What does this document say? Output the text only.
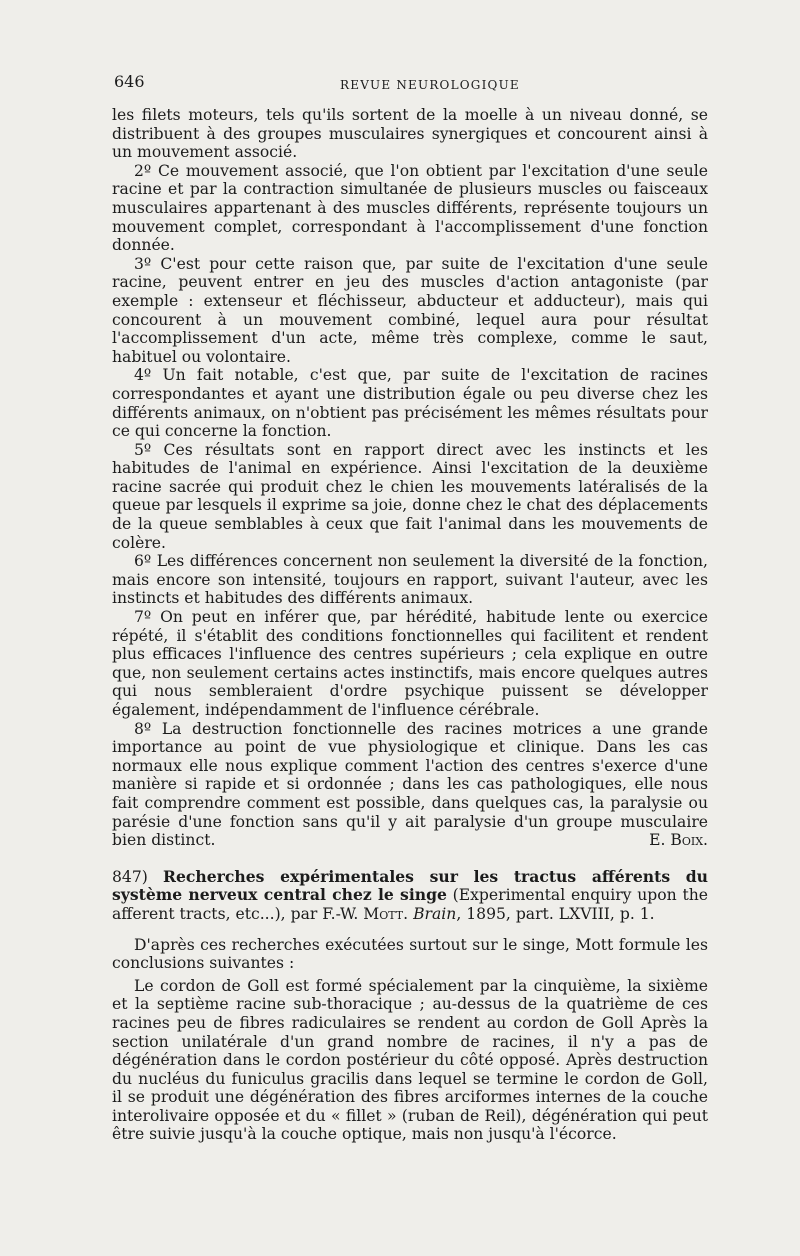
646	REVUE NEUROLOGIQUE

les filets moteurs, tels qu'ils sortent de la moelle à un niveau donné, se distribuent à des groupes musculaires synergiques et concourent ainsi à un mouvement associé.

2º Ce mouvement associé, que l'on obtient par l'excitation d'une seule racine et par la contraction simultanée de plusieurs muscles ou faisceaux musculaires appartenant à des muscles différents, représente toujours un mouvement complet, correspondant à l'accomplissement d'une fonction donnée.

3º C'est pour cette raison que, par suite de l'excitation d'une seule racine, peuvent entrer en jeu des muscles d'action antagoniste (par exemple : extenseur et fléchisseur, abducteur et adducteur), mais qui concourent à un mouvement combiné, lequel aura pour résultat l'accomplissement d'un acte, même très complexe, comme le saut, habituel ou volontaire.

4º Un fait notable, c'est que, par suite de l'excitation de racines correspondantes et ayant une distribution égale ou peu diverse chez les différents animaux, on n'obtient pas précisément les mêmes résultats pour ce qui concerne la fonction.

5º Ces résultats sont en rapport direct avec les instincts et les habitudes de l'animal en expérience. Ainsi l'excitation de la deuxième racine sacrée qui produit chez le chien les mouvements latéralisés de la queue par lesquels il exprime sa joie, donne chez le chat des déplacements de la queue semblables à ceux que fait l'animal dans les mouvements de colère.

6º Les différences concernent non seulement la diversité de la fonction, mais encore son intensité, toujours en rapport, suivant l'auteur, avec les instincts et habitudes des différents animaux.

7º On peut en inférer que, par hérédité, habitude lente ou exercice répété, il s'établit des conditions fonctionnelles qui facilitent et rendent plus efficaces l'influence des centres supérieurs ; cela explique en outre que, non seulement certains actes instinctifs, mais encore quelques autres qui nous sembleraient d'ordre psychique puissent se développer également, indépendamment de l'influence cérébrale.

8º La destruction fonctionnelle des racines motrices a une grande importance au point de vue physiologique et clinique. Dans les cas normaux elle nous explique comment l'action des centres s'exerce d'une manière si rapide et si ordonnée ; dans les cas pathologiques, elle nous fait comprendre comment est possible, dans quelques cas, la paralysie ou parésie d'une fonction sans qu'il y ait paralysie d'un groupe musculaire bien distinct.	E. Boix.

847) Recherches expérimentales sur les tractus afférents du système nerveux central chez le singe (Experimental enquiry upon the afferent tracts, etc...), par F.-W. Mott. Brain, 1895, part. LXVIII, p. 1.

D'après ces recherches exécutées surtout sur le singe, Mott formule les conclusions suivantes :

Le cordon de Goll est formé spécialement par la cinquième, la sixième et la septième racine sub-thoracique ; au-dessus de la quatrième de ces racines peu de fibres radiculaires se rendent au cordon de Goll Après la section unilatérale d'un grand nombre de racines, il n'y a pas de dégénération dans le cordon postérieur du côté opposé. Après destruction du nucléus du funiculus gracilis dans lequel se termine le cordon de Goll, il se produit une dégénération des fibres arciformes internes de la couche interolivaire opposée et du « fillet » (ruban de Reil), dégénération qui peut être suivie jusqu'à la couche optique, mais non jusqu'à l'écorce.
